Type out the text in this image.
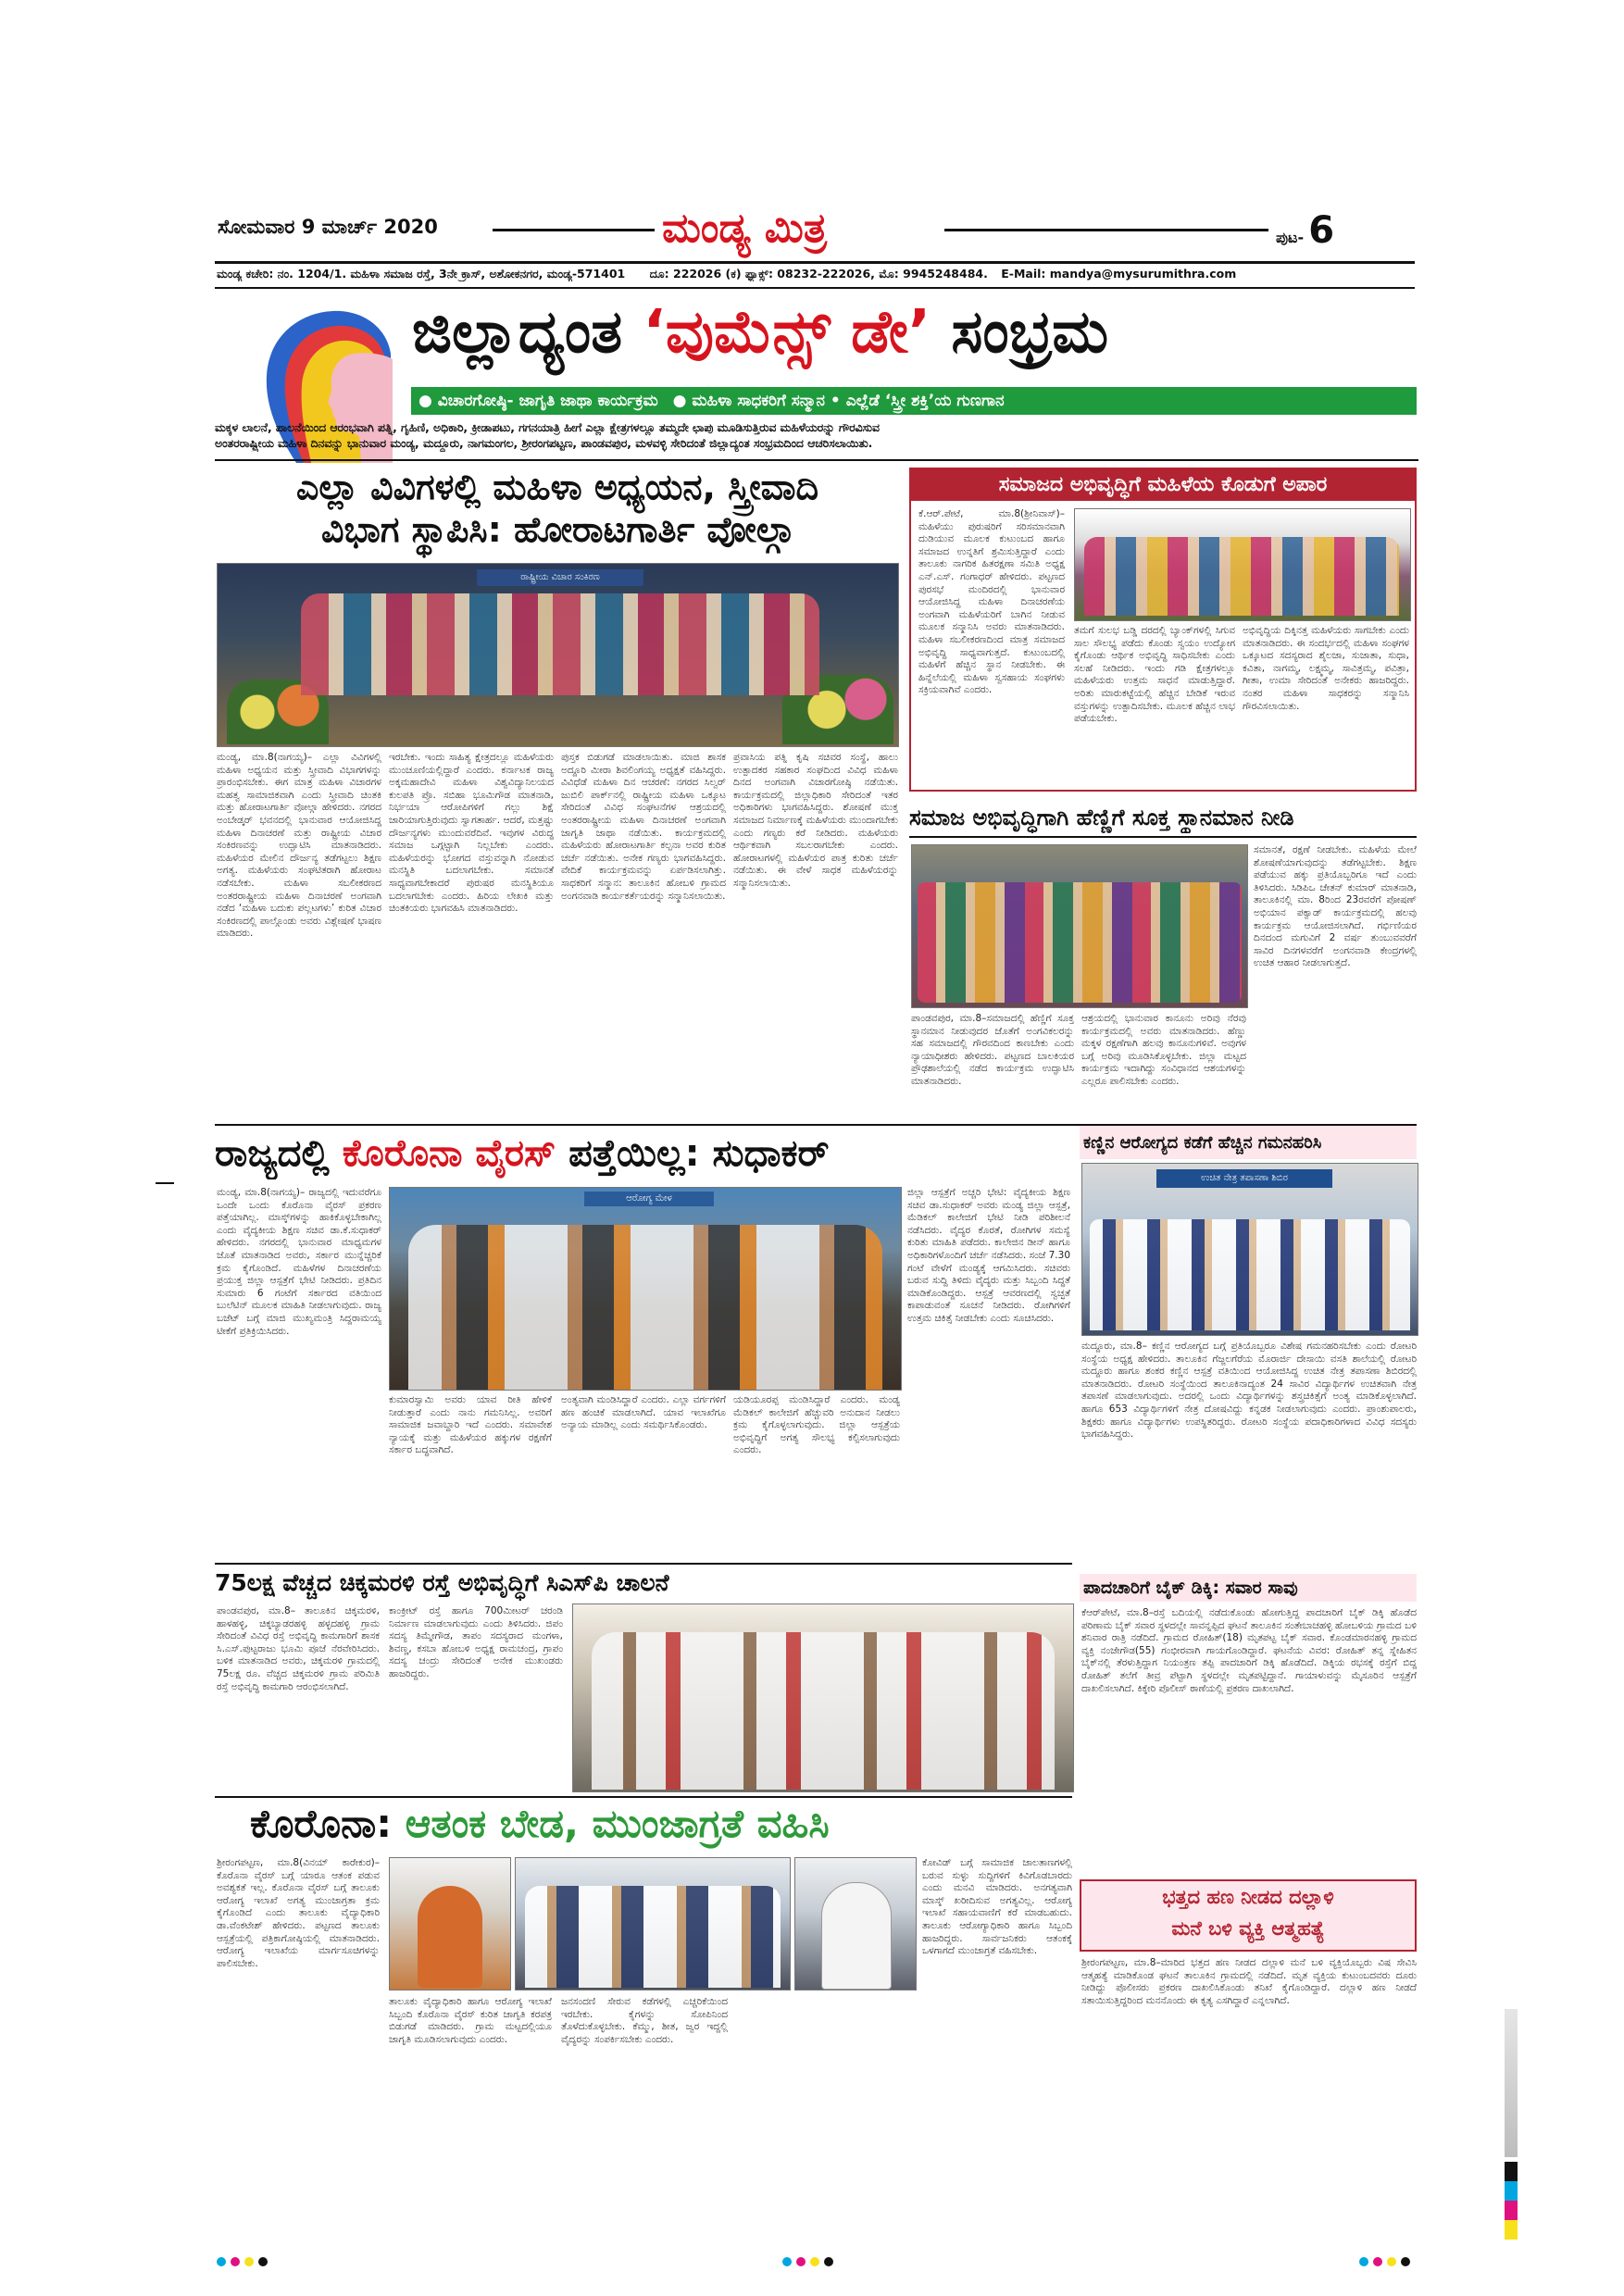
ಸೋಮವಾರ 9 ಮಾರ್ಚ್ 2020	ಮಂಡ್ಯ ಮಿತ್ರ	ಪುಟ- 6
ಮಂಡ್ಯ ಕಚೇರಿ: ನಂ. 1204/1. ಮಹಿಳಾ ಸಮಾಜ ರಸ್ತೆ, 3ನೇ ಕ್ರಾಸ್, ಅಶೋಕನಗರ, ಮಂಡ್ಯ-571401 ದೂ: 222026 (ಕ) ಫ್ಯಾಕ್ಸ್: 08232-222026, ಮೊ: 9945248484. E-Mail: mandya@mysurumithra.com
ಜಿಲ್ಲಾದ್ಯಂತ ‘ವುಮೆನ್ಸ್ ಡೇ’ ಸಂಭ್ರಮ
● ವಿಚಾರಗೋಷ್ಠಿ- ಜಾಗೃತಿ ಜಾಥಾ ಕಾರ್ಯಕ್ರಮ ● ಮಹಿಳಾ ಸಾಧಕರಿಗೆ ಸನ್ಮಾನ • ಎಲ್ಲೆಡೆ ‘ಸ್ತ್ರೀ ಶಕ್ತಿ’ಯ ಗುಣಗಾನ
ಮಕ್ಕಳ ಲಾಲನೆ, ಪಾಲನೆಯಿಂದ ಆರಂಭವಾಗಿ ಪತ್ನಿ, ಗೃಹಿಣಿ, ಅಧಿಕಾರಿ, ಕ್ರೀಡಾಪಟು, ಗಗನಯಾತ್ರಿ ಹೀಗೆ ಎಲ್ಲಾ ಕ್ಷೇತ್ರಗಳಲ್ಲೂ ತಮ್ಮದೇ ಛಾಪು ಮೂಡಿಸುತ್ತಿರುವ ಮಹಿಳೆಯರನ್ನು ಗೌರವಿಸುವ
ಅಂತರರಾಷ್ಟ್ರೀಯ ಮಹಿಳಾ ದಿನವನ್ನು ಭಾನುವಾರ ಮಂಡ್ಯ, ಮದ್ದೂರು, ನಾಗಮಂಗಲ, ಶ್ರೀರಂಗಪಟ್ಟಣ, ಪಾಂಡವಪುರ, ಮಳವಳ್ಳಿ ಸೇರಿದಂತೆ ಜಿಲ್ಲಾದ್ಯಂತ ಸಂಭ್ರಮದಿಂದ ಆಚರಿಸಲಾಯಿತು.
ಎಲ್ಲಾ ವಿವಿಗಳಲ್ಲಿ ಮಹಿಳಾ ಅಧ್ಯಯನ, ಸ್ತ್ರೀವಾದಿ
ವಿಭಾಗ ಸ್ಥಾಪಿಸಿ: ಹೋರಾಟಗಾರ್ತಿ ವೋಲ್ಗಾ
ರಾಷ್ಟ್ರೀಯ ವಿಚಾರ ಸಂಕಿರಣ
ಮಂಡ್ಯ, ಮಾ.8(ನಾಗಯ್ಯ)– ಎಲ್ಲಾ ವಿವಿಗಳಲ್ಲಿ ಮಹಿಳಾ ಅಧ್ಯಯನ ಮತ್ತು ಸ್ತ್ರೀವಾದಿ ವಿಭಾಗಗಳನ್ನು ಪ್ರಾರಂಭಿಸಬೇಕು. ಈಗ ಮಾತ್ರ ಮಹಿಳಾ ವಿಚಾರಗಳ ಮಹತ್ವ ಸಾಮಾಜಿಕವಾಗಿ ಎಂದು ಸ್ತ್ರೀವಾದಿ ಚಿಂತಕಿ ಮತ್ತು ಹೋರಾಟಗಾರ್ತಿ ವೋಲ್ಗಾ ಹೇಳಿದರು. ನಗರದ ಅಂಬೇಡ್ಕರ್ ಭವನದಲ್ಲಿ ಭಾನುವಾರ ಆಯೋಜಿಸಿದ್ದ ಮಹಿಳಾ ದಿನಾಚರಣೆ ಮತ್ತು ರಾಷ್ಟ್ರೀಯ ವಿಚಾರ ಸಂಕಿರಣವನ್ನು ಉದ್ಘಾಟಿಸಿ ಮಾತನಾಡಿದರು. ಮಹಿಳೆಯರ ಮೇಲಿನ ದೌರ್ಜನ್ಯ ತಡೆಗಟ್ಟಲು ಶಿಕ್ಷಣ ಅಗತ್ಯ. ಮಹಿಳೆಯರು ಸಂಘಟಿತರಾಗಿ ಹೋರಾಟ ನಡೆಸಬೇಕು. ಮಹಿಳಾ ಸಬಲೀಕರಣದ ಅಂತರರಾಷ್ಟ್ರೀಯ ಮಹಿಳಾ ದಿನಾಚರಣೆ ಅಂಗವಾಗಿ ನಡೆದ ‘ಮಹಿಳಾ ಬದುಕು ಪಲ್ಲಟಗಳು’ ಕುರಿತ ವಿಚಾರ ಸಂಕಿರಣದಲ್ಲಿ ಪಾಲ್ಗೊಂಡು ಅವರು ವಿಶ್ಲೇಷಣೆ ಭಾಷಣ ಮಾಡಿದರು.
ಇರಬೇಕು. ಇಂದು ಸಾಹಿತ್ಯ ಕ್ಷೇತ್ರದಲ್ಲೂ ಮಹಿಳೆಯರು ಮುಂಚೂಣಿಯಲ್ಲಿದ್ದಾರೆ ಎಂದರು. ಕರ್ನಾಟಕ ರಾಜ್ಯ ಅಕ್ಕಮಹಾದೇವಿ ಮಹಿಳಾ ವಿಶ್ವವಿದ್ಯಾನಿಲಯದ ಕುಲಪತಿ ಪ್ರೊ. ಸಬಿಹಾ ಭೂಮಿಗೌಡ ಮಾತನಾಡಿ, ನಿರ್ಭಯಾ ಆರೋಪಿಗಳಿಗೆ ಗಲ್ಲು ಶಿಕ್ಷೆ ಜಾರಿಯಾಗುತ್ತಿರುವುದು ಸ್ವಾಗತಾರ್ಹ. ಆದರೆ, ಮತ್ತಷ್ಟು ದೌರ್ಜನ್ಯಗಳು ಮುಂದುವರೆದಿವೆ. ಇವುಗಳ ವಿರುದ್ಧ ಸಮಾಜ ಒಗ್ಗಟ್ಟಾಗಿ ನಿಲ್ಲಬೇಕು ಎಂದರು. ಮಹಿಳೆಯರನ್ನು ಭೋಗದ ವಸ್ತುವನ್ನಾಗಿ ನೋಡುವ ಮನಸ್ಥಿತಿ ಬದಲಾಗಬೇಕು. ಸಮಾನತೆ ಸಾಧ್ಯವಾಗಬೇಕಾದರೆ ಪುರುಷರ ಮನಸ್ಥಿತಿಯೂ ಬದಲಾಗಬೇಕು ಎಂದರು. ಹಿರಿಯ ಲೇಖಕಿ ಮತ್ತು ಚಿಂತಕಿಯರು ಭಾಗವಹಿಸಿ ಮಾತನಾಡಿದರು.
ಪುಸ್ತಕ ಬಿಡುಗಡೆ ಮಾಡಲಾಯಿತು. ಮಾಜಿ ಶಾಸಕ ಅದ್ದೂರಿ ಮೀರಾ ಶಿವಲಿಂಗಯ್ಯ ಅಧ್ಯಕ್ಷತೆ ವಹಿಸಿದ್ದರು. ವಿವಿಧೆಡೆ ಮಹಿಳಾ ದಿನ ಆಚರಣೆ: ನಗರದ ಸಿಲ್ವರ್ ಜುಬಿಲಿ ಪಾರ್ಕ್‌ನಲ್ಲಿ ರಾಷ್ಟ್ರೀಯ ಮಹಿಳಾ ಒಕ್ಕೂಟ ಸೇರಿದಂತೆ ವಿವಿಧ ಸಂಘಟನೆಗಳ ಆಶ್ರಯದಲ್ಲಿ ಅಂತರರಾಷ್ಟ್ರೀಯ ಮಹಿಳಾ ದಿನಾಚರಣೆ ಅಂಗವಾಗಿ ಜಾಗೃತಿ ಜಾಥಾ ನಡೆಯಿತು. ಕಾರ್ಯಕ್ರಮದಲ್ಲಿ ಮಹಿಳೆಯರು ಹೋರಾಟಗಾರ್ತಿ ಕಲ್ಪನಾ ಅವರ ಕುರಿತ ಚರ್ಚೆ ನಡೆಯಿತು. ಅನೇಕ ಗಣ್ಯರು ಭಾಗವಹಿಸಿದ್ದರು. ವೇದಿಕೆ ಕಾರ್ಯಕ್ರಮವನ್ನು ಏರ್ಪಡಿಸಲಾಗಿತ್ತು. ಸಾಧಕರಿಗೆ ಸನ್ಮಾನ: ತಾಲೂಕಿನ ಹೋಬಳಿ ಗ್ರಾಮದ ಅಂಗನವಾಡಿ ಕಾರ್ಯಕರ್ತೆಯರನ್ನು ಸನ್ಮಾನಿಸಲಾಯಿತು.
ಪ್ರವಾಸಿಯ ಪತ್ನಿ ಕೃಷಿ ಸಚಿವರ ಸಂಸ್ಥೆ, ಹಾಲು ಉತ್ಪಾದಕರ ಸಹಕಾರ ಸಂಘದಿಂದ ವಿವಿಧ ಮಹಿಳಾ ದಿನದ ಅಂಗವಾಗಿ ವಿಚಾರಗೋಷ್ಠಿ ನಡೆಯಿತು. ಕಾರ್ಯಕ್ರಮದಲ್ಲಿ ಜಿಲ್ಲಾಧಿಕಾರಿ ಸೇರಿದಂತೆ ಇತರ ಅಧಿಕಾರಿಗಳು ಭಾಗವಹಿಸಿದ್ದರು. ಶೋಷಣೆ ಮುಕ್ತ ಸಮಾಜದ ನಿರ್ಮಾಣಕ್ಕೆ ಮಹಿಳೆಯರು ಮುಂದಾಗಬೇಕು ಎಂದು ಗಣ್ಯರು ಕರೆ ನೀಡಿದರು. ಮಹಿಳೆಯರು ಆರ್ಥಿಕವಾಗಿ ಸಬಲರಾಗಬೇಕು ಎಂದರು. ಹೋರಾಟಗಳಲ್ಲಿ ಮಹಿಳೆಯರ ಪಾತ್ರ ಕುರಿತು ಚರ್ಚೆ ನಡೆಯಿತು. ಈ ವೇಳೆ ಸಾಧಕ ಮಹಿಳೆಯರನ್ನು ಸನ್ಮಾನಿಸಲಾಯಿತು.
ಸಮಾಜದ ಅಭಿವೃದ್ಧಿಗೆ ಮಹಿಳೆಯ ಕೊಡುಗೆ ಅಪಾರ
ಕೆ.ಆರ್.ಪೇಟೆ, ಮಾ.8(ಶ್ರೀನಿವಾಸ್)– ಮಹಿಳೆಯು ಪುರುಷರಿಗೆ ಸರಿಸಮಾನವಾಗಿ ದುಡಿಯುವ ಮೂಲಕ ಕುಟುಂಬದ ಹಾಗೂ ಸಮಾಜದ ಉನ್ನತಿಗೆ ಶ್ರಮಿಸುತ್ತಿದ್ದಾರೆ ಎಂದು ತಾಲೂಕು ನಾಗರಿಕ ಹಿತರಕ್ಷಣಾ ಸಮಿತಿ ಅಧ್ಯಕ್ಷ ಎನ್.ಎಸ್. ಗಂಗಾಧರ್ ಹೇಳಿದರು. ಪಟ್ಟಣದ ಪುರಸಭೆ ಮಂದಿರದಲ್ಲಿ ಭಾನುವಾರ ಆಯೋಜಿಸಿದ್ದ ಮಹಿಳಾ ದಿನಾಚರಣೆಯ ಅಂಗವಾಗಿ ಮಹಿಳೆಯರಿಗೆ ಬಾಗಿನ ನೀಡುವ ಮೂಲಕ ಸನ್ಮಾನಿಸಿ ಅವರು ಮಾತನಾಡಿದರು. ಮಹಿಳಾ ಸಬಲೀಕರಣದಿಂದ ಮಾತ್ರ ಸಮಾಜದ ಅಭಿವೃದ್ಧಿ ಸಾಧ್ಯವಾಗುತ್ತದೆ. ಕುಟುಂಬದಲ್ಲಿ ಮಹಿಳೆಗೆ ಹೆಚ್ಚಿನ ಸ್ಥಾನ ನೀಡಬೇಕು. ಈ ಹಿನ್ನೆಲೆಯಲ್ಲಿ ಮಹಿಳಾ ಸ್ವಸಹಾಯ ಸಂಘಗಳು ಸಕ್ರಿಯವಾಗಿವೆ ಎಂದರು.
ತಮಗೆ ಸುಲಭ ಬಡ್ಡಿ ದರದಲ್ಲಿ ಬ್ಯಾಂಕ್‌ಗಳಲ್ಲಿ ಸಿಗುವ ಸಾಲ ಸೌಲಭ್ಯ ಪಡೆದು ಕೊಂಡು ಸ್ವಯಂ ಉದ್ಯೋಗ ಕೈಗೊಂಡು ಆರ್ಥಿಕ ಅಭಿವೃದ್ಧಿ ಸಾಧಿಸಬೇಕು ಎಂದು ಸಲಹೆ ನೀಡಿದರು. ಇಂದು ಗಡಿ ಕ್ಷೇತ್ರಗಳಲ್ಲೂ ಮಹಿಳೆಯರು ಉತ್ತಮ ಸಾಧನೆ ಮಾಡುತ್ತಿದ್ದಾರೆ. ಅರಿತು ಮಾರುಕಟ್ಟೆಯಲ್ಲಿ ಹೆಚ್ಚಿನ ಬೇಡಿಕೆ ಇರುವ ವಸ್ತುಗಳನ್ನು ಉತ್ಪಾದಿಸಬೇಕು. ಮೂಲಕ ಹೆಚ್ಚಿನ ಲಾಭ ಪಡೆಯಬೇಕು.
ಅಭಿವೃದ್ಧಿಯ ದಿಕ್ಕಿನತ್ತ ಮಹಿಳೆಯರು ಸಾಗಬೇಕು ಎಂದು ಮಾತನಾಡಿದರು. ಈ ಸಂದರ್ಭದಲ್ಲಿ ಮಹಿಳಾ ಸಂಘಗಳ ಒಕ್ಕೂಟದ ಸದಸ್ಯರಾದ ಶೈಲಜಾ, ಸುಜಾತಾ, ಸುಧಾ, ಕವಿತಾ, ನಾಗಮ್ಮ, ಲಕ್ಷ್ಮಮ್ಮ, ಸಾವಿತ್ರಮ್ಮ, ಪವಿತ್ರಾ, ಗೀತಾ, ಉಮಾ ಸೇರಿದಂತೆ ಅನೇಕರು ಹಾಜರಿದ್ದರು. ನಂತರ ಮಹಿಳಾ ಸಾಧಕರನ್ನು ಸನ್ಮಾನಿಸಿ ಗೌರವಿಸಲಾಯಿತು.
ಸಮಾಜ ಅಭಿವೃದ್ಧಿಗಾಗಿ ಹೆಣ್ಣಿಗೆ ಸೂಕ್ತ ಸ್ಥಾನಮಾನ ನೀಡಿ
ಸಮಾನತೆ, ರಕ್ಷಣೆ ನೀಡಬೇಕು. ಮಹಿಳೆಯ ಮೇಲೆ ಶೋಷಣೆಯಾಗುವುದನ್ನು ತಡೆಗಟ್ಟಬೇಕು. ಶಿಕ್ಷಣ ಪಡೆಯುವ ಹಕ್ಕು ಪ್ರತಿಯೊಬ್ಬರಿಗೂ ಇದೆ ಎಂದು ತಿಳಿಸಿದರು. ಸಿಡಿಪಿಒ ಚೇತನ್ ಕುಮಾರ್ ಮಾತನಾಡಿ, ತಾಲೂಕಿನಲ್ಲಿ ಮಾ. 8ರಿಂದ 23ರವರೆಗೆ ಪೋಷಣ್ ಅಭಿಯಾನ ಪಕ್ವಾಡ್ ಕಾರ್ಯಕ್ರಮದಲ್ಲಿ ಹಲವು ಕಾರ್ಯಕ್ರಮ ಆಯೋಜಿಸಲಾಗಿದೆ. ಗರ್ಭಿಣಿಯರ ದಿನದಂದ ಮಗುವಿಗೆ 2 ವರ್ಷ ತುಂಬುವವರೆಗೆ ಸಾವಿರ ದಿನಗಳವರೆಗೆ ಅಂಗನವಾಡಿ ಕೇಂದ್ರಗಳಲ್ಲಿ ಉಚಿತ ಆಹಾರ ನೀಡಲಾಗುತ್ತದೆ.
ಪಾಂಡವಪುರ, ಮಾ.8–ಸಮಾಜದಲ್ಲಿ ಹೆಣ್ಣಿಗೆ ಸೂಕ್ತ ಸ್ಥಾನಮಾನ ನೀಡುವುದರ ಜೊತೆಗೆ ಅಂಗವಿಕಲರನ್ನು ಸಹ ಸಮಾಜದಲ್ಲಿ ಗೌರವದಿಂದ ಕಾಣಬೇಕು ಎಂದು ನ್ಯಾಯಾಧೀಶರು ಹೇಳಿದರು. ಪಟ್ಟಣದ ಬಾಲಕಿಯರ ಪ್ರೌಢಶಾಲೆಯಲ್ಲಿ ನಡೆದ ಕಾರ್ಯಕ್ರಮ ಉದ್ಘಾಟಿಸಿ ಮಾತನಾಡಿದರು.
ಆಶ್ರಯದಲ್ಲಿ ಭಾನುವಾರ ಕಾನೂನು ಅರಿವು ನೆರವು ಕಾರ್ಯಕ್ರಮದಲ್ಲಿ ಅವರು ಮಾತನಾಡಿದರು. ಹೆಣ್ಣು ಮಕ್ಕಳ ರಕ್ಷಣೆಗಾಗಿ ಹಲವು ಕಾನೂನುಗಳಿವೆ. ಅವುಗಳ ಬಗ್ಗೆ ಅರಿವು ಮೂಡಿಸಿಕೊಳ್ಳಬೇಕು. ಜಿಲ್ಲಾ ಮಟ್ಟದ ಕಾರ್ಯಕ್ರಮ ಇದಾಗಿದ್ದು ಸಂವಿಧಾನದ ಆಶಯಗಳನ್ನು ಎಲ್ಲರೂ ಪಾಲಿಸಬೇಕು ಎಂದರು.
ರಾಜ್ಯದಲ್ಲಿ ಕೊರೊನಾ ವೈರಸ್ ಪತ್ತೆಯಿಲ್ಲ: ಸುಧಾಕರ್
ಮಂಡ್ಯ, ಮಾ.8(ನಾಗಯ್ಯ)– ರಾಜ್ಯದಲ್ಲಿ ಇದುವರೆಗೂ ಒಂದೇ ಒಂದು ಕೊರೊನಾ ವೈರಸ್ ಪ್ರಕರಣ ಪತ್ತೆಯಾಗಿಲ್ಲ. ಮಾಸ್ಕ್‌ಗಳನ್ನು ಹಾಕಿಕೊಳ್ಳಬೇಕಾಗಿಲ್ಲ ಎಂದು ವೈದ್ಯಕೀಯ ಶಿಕ್ಷಣ ಸಚಿವ ಡಾ.ಕೆ.ಸುಧಾಕರ್ ಹೇಳಿದರು. ನಗರದಲ್ಲಿ ಭಾನುವಾರ ಮಾಧ್ಯಮಗಳ ಜೊತೆ ಮಾತನಾಡಿದ ಅವರು, ಸರ್ಕಾರ ಮುನ್ನೆಚ್ಚರಿಕೆ ಕ್ರಮ ಕೈಗೊಂಡಿದೆ. ಮಹಿಳೆಗಳ ದಿನಾಚರಣೆಯ ಪ್ರಯುಕ್ತ ಜಿಲ್ಲಾ ಆಸ್ಪತ್ರೆಗೆ ಭೇಟಿ ನೀಡಿದರು. ಪ್ರತಿದಿನ ಸುಮಾರು 6 ಗಂಟೆಗೆ ಸರ್ಕಾರದ ವತಿಯಿಂದ ಬುಲೆಟಿನ್ ಮೂಲಕ ಮಾಹಿತಿ ನೀಡಲಾಗುವುದು. ರಾಜ್ಯ ಬಜೆಟ್ ಬಗ್ಗೆ ಮಾಜಿ ಮುಖ್ಯಮಂತ್ರಿ ಸಿದ್ದರಾಮಯ್ಯ ಟೀಕೆಗೆ ಪ್ರತಿಕ್ರಿಯಿಸಿದರು.
ಆರೋಗ್ಯ ಮೇಳ
ಜಿಲ್ಲಾ ಆಸ್ಪತ್ರೆಗೆ ಅಚ್ಚರಿ ಭೇಟಿ: ವೈದ್ಯಕೀಯ ಶಿಕ್ಷಣ ಸಚಿವ ಡಾ.ಸುಧಾಕರ್ ಅವರು ಮಂಡ್ಯ ಜಿಲ್ಲಾ ಆಸ್ಪತ್ರೆ, ಮೆಡಿಕಲ್ ಕಾಲೇಜಿಗೆ ಭೇಟಿ ನೀಡಿ ಪರಿಶೀಲನೆ ನಡೆಸಿದರು. ವೈದ್ಯರ ಕೊರತೆ, ರೋಗಿಗಳ ಸಮಸ್ಯೆ ಕುರಿತು ಮಾಹಿತಿ ಪಡೆದರು. ಕಾಲೇಜಿನ ಡೀನ್ ಹಾಗೂ ಅಧಿಕಾರಿಗಳೊಂದಿಗೆ ಚರ್ಚೆ ನಡೆಸಿದರು. ಸಂಜೆ 7.30 ಗಂಟೆ ವೇಳೆಗೆ ಮಂಡ್ಯಕ್ಕೆ ಆಗಮಿಸಿದರು. ಸಚಿವರು ಬರುವ ಸುದ್ದಿ ತಿಳಿದು ವೈದ್ಯರು ಮತ್ತು ಸಿಬ್ಬಂದಿ ಸಿದ್ಧತೆ ಮಾಡಿಕೊಂಡಿದ್ದರು. ಆಸ್ಪತ್ರೆ ಆವರಣದಲ್ಲಿ ಸ್ವಚ್ಛತೆ ಕಾಪಾಡುವಂತೆ ಸೂಚನೆ ನೀಡಿದರು. ರೋಗಿಗಳಿಗೆ ಉತ್ತಮ ಚಿಕಿತ್ಸೆ ನೀಡಬೇಕು ಎಂದು ಸೂಚಿಸಿದರು.
ಕುಮಾರಸ್ವಾಮಿ ಅವರು ಯಾವ ರೀತಿ ಹೇಳಿಕೆ ನೀಡುತ್ತಾರೆ ಎಂದು ನಾನು ಗಮನಿಸಿಲ್ಲ. ಅವರಿಗೆ ಸಾಮಾಜಿಕ ಜವಾಬ್ದಾರಿ ಇದೆ ಎಂದರು. ಸಮಾವೇಶ ನ್ಯಾಯಕ್ಕೆ ಮತ್ತು ಮಹಿಳೆಯರ ಹಕ್ಕುಗಳ ರಕ್ಷಣೆಗೆ ಸರ್ಕಾರ ಬದ್ಧವಾಗಿದೆ.
ಅಂತ್ಯವಾಗಿ ಮಂಡಿಸಿದ್ದಾರೆ ಎಂದರು. ಎಲ್ಲಾ ವರ್ಗಗಳಿಗೆ ಹಣ ಹಂಚಿಕೆ ಮಾಡಲಾಗಿದೆ. ಯಾವ ಇಲಾಖೆಗೂ ಅನ್ಯಾಯ ಮಾಡಿಲ್ಲ ಎಂದು ಸಮರ್ಥಿಸಿಕೊಂಡರು.
ಯಡಿಯೂರಪ್ಪ ಮಂಡಿಸಿದ್ದಾರೆ ಎಂದರು. ಮಂಡ್ಯ ಮೆಡಿಕಲ್ ಕಾಲೇಜಿಗೆ ಹೆಚ್ಚುವರಿ ಅನುದಾನ ನೀಡಲು ಕ್ರಮ ಕೈಗೊಳ್ಳಲಾಗುವುದು. ಜಿಲ್ಲಾ ಆಸ್ಪತ್ರೆಯ ಅಭಿವೃದ್ಧಿಗೆ ಅಗತ್ಯ ಸೌಲಭ್ಯ ಕಲ್ಪಿಸಲಾಗುವುದು ಎಂದರು.
ಕಣ್ಣಿನ ಆರೋಗ್ಯದ ಕಡೆಗೆ ಹೆಚ್ಚಿನ ಗಮನಹರಿಸಿ
ಉಚಿತ ನೇತ್ರ ತಪಾಸಣಾ ಶಿಬಿರ
ಮದ್ದೂರು, ಮಾ.8– ಕಣ್ಣಿನ ಆರೋಗ್ಯದ ಬಗ್ಗೆ ಪ್ರತಿಯೊಬ್ಬರೂ ವಿಶೇಷ ಗಮನಹರಿಸಬೇಕು ಎಂದು ರೋಟರಿ ಸಂಸ್ಥೆಯ ಅಧ್ಯಕ್ಷ ಹೇಳಿದರು. ತಾಲೂಕಿನ ಗೆಜ್ಜಲಗೆರೆಯ ಮೊರಾರ್ಜಿ ದೇಸಾಯಿ ವಸತಿ ಶಾಲೆಯಲ್ಲಿ ರೋಟರಿ ಮದ್ದೂರು ಹಾಗೂ ಶಂಕರ ಕಣ್ಣಿನ ಆಸ್ಪತ್ರೆ ವತಿಯಿಂದ ಆಯೋಜಿಸಿದ್ದ ಉಚಿತ ನೇತ್ರ ತಪಾಸಣಾ ಶಿಬಿರದಲ್ಲಿ ಮಾತನಾಡಿದರು. ರೋಟರಿ ಸಂಸ್ಥೆಯಿಂದ ತಾಲೂಕಿನಾದ್ಯಂತ 24 ಸಾವಿರ ವಿದ್ಯಾರ್ಥಿಗಳ ಉಚಿತವಾಗಿ ನೇತ್ರ ತಪಾಸಣೆ ಮಾಡಲಾಗುವುದು. ಅದರಲ್ಲಿ ಒಂದು ವಿದ್ಯಾರ್ಥಿಗಳನ್ನು ಶಸ್ತ್ರಚಿಕಿತ್ಸೆಗೆ ಅಂತ್ಯ ಮಾಡಿಕೊಳ್ಳಲಾಗಿದೆ. ಹಾಗೂ 653 ವಿದ್ಯಾರ್ಥಿಗಳಿಗೆ ನೇತ್ರ ದೋಷವಿದ್ದು ಕನ್ನಡಕ ನೀಡಲಾಗುವುದು ಎಂದರು. ಪ್ರಾಂಶುಪಾಲರು, ಶಿಕ್ಷಕರು ಹಾಗೂ ವಿದ್ಯಾರ್ಥಿಗಳು ಉಪಸ್ಥಿತರಿದ್ದರು. ರೋಟರಿ ಸಂಸ್ಥೆಯ ಪದಾಧಿಕಾರಿಗಳಾದ ವಿವಿಧ ಸದಸ್ಯರು ಭಾಗವಹಿಸಿದ್ದರು.
75ಲಕ್ಷ ವೆಚ್ಚದ ಚಿಕ್ಕಮರಳಿ ರಸ್ತೆ ಅಭಿವೃದ್ಧಿಗೆ ಸಿಎಸ್‌ಪಿ ಚಾಲನೆ
ಪಾಂಡವಪುರ, ಮಾ.8– ತಾಲೂಕಿನ ಚಿಕ್ಕಮರಳಿ, ಹಾಳಹಳ್ಳಿ, ಚಿಕ್ಕಬ್ಯಾಡರಹಳ್ಳಿ ಹಳ್ಳದಹಳ್ಳಿ ಗ್ರಾಮ ಸೇರಿದಂತೆ ವಿವಿಧ ರಸ್ತೆ ಅಭಿವೃದ್ಧಿ ಕಾಮಗಾರಿಗೆ ಶಾಸಕ ಸಿ.ಎಸ್.ಪುಟ್ಟರಾಜು ಭೂಮಿ ಪೂಜೆ ನೆರವೇರಿಸಿದರು. ಬಳಿಕ ಮಾತನಾಡಿದ ಅವರು, ಚಿಕ್ಕಮರಳಿ ಗ್ರಾಮದಲ್ಲಿ 75ಲಕ್ಷ ರೂ. ವೆಚ್ಚದ ಚಿಕ್ಕಮರಳಿ ಗ್ರಾಮ ಪರಿಮಿತಿ ರಸ್ತೆ ಅಭಿವೃದ್ಧಿ ಕಾಮಗಾರಿ ಆರಂಭಿಸಲಾಗಿದೆ.
ಕಾಂಕ್ರೀಟ್ ರಸ್ತೆ ಹಾಗೂ 700ಮೀಟರ್ ಚರಂಡಿ ನಿರ್ಮಾಣ ಮಾಡಲಾಗುವುದು ಎಂದು ತಿಳಿಸಿದರು. ಜಿಪಂ ಸದಸ್ಯ ತಿಮ್ಮೇಗೌಡ, ತಾಪಂ ಸದಸ್ಯರಾದ ಮಂಗಳಾ, ಶಿವಣ್ಣ, ಕಸಬಾ ಹೋಬಳಿ ಅಧ್ಯಕ್ಷ ರಾಮಚಂದ್ರ, ಗ್ರಾಪಂ ಸದಸ್ಯ ಚಂದ್ರು ಸೇರಿದಂತೆ ಅನೇಕ ಮುಖಂಡರು ಹಾಜರಿದ್ದರು.
ಪಾದಚಾರಿಗೆ ಬೈಕ್ ಡಿಕ್ಕಿ: ಸವಾರ ಸಾವು
ಕೆಆರ್‌ಪೇಟೆ, ಮಾ.8–ರಸ್ತೆ ಬದಿಯಲ್ಲಿ ನಡೆದುಕೊಂಡು ಹೋಗುತ್ತಿದ್ದ ಪಾದಚಾರಿಗೆ ಬೈಕ್ ಡಿಕ್ಕಿ ಹೊಡೆದ ಪರಿಣಾಮ ಬೈಕ್ ಸವಾರ ಸ್ಥಳದಲ್ಲೇ ಸಾವನ್ನಪ್ಪಿದ ಘಟನೆ ತಾಲೂಕಿನ ಸಂತೇಬಾಚಹಳ್ಳಿ ಹೋಬಳಿಯ ಗ್ರಾಮದ ಬಳಿ ಶನಿವಾರ ರಾತ್ರಿ ನಡೆದಿದೆ. ಗ್ರಾಮದ ರೋಹಿತ್(18) ಮೃತಪಟ್ಟ ಬೈಕ್ ಸವಾರ. ಕೊಂಡಮಾರನಹಳ್ಳಿ ಗ್ರಾಮದ ವ್ಯಕ್ತಿ ನಂಜೇಗೌಡ(55) ಗಂಭೀರವಾಗಿ ಗಾಯಗೊಂಡಿದ್ದಾರೆ. ಘಟನೆಯ ವಿವರ: ರೋಹಿತ್ ತನ್ನ ಸ್ನೇಹಿತನ ಬೈಕ್‌ನಲ್ಲಿ ತೆರಳುತ್ತಿದ್ದಾಗ ನಿಯಂತ್ರಣ ತಪ್ಪಿ ಪಾದಚಾರಿಗೆ ಡಿಕ್ಕಿ ಹೊಡೆದಿದೆ. ಡಿಕ್ಕಿಯ ರಭಸಕ್ಕೆ ರಸ್ತೆಗೆ ಬಿದ್ದ ರೋಹಿತ್ ತಲೆಗೆ ತೀವ್ರ ಪೆಟ್ಟಾಗಿ ಸ್ಥಳದಲ್ಲೇ ಮೃತಪಟ್ಟಿದ್ದಾನೆ. ಗಾಯಾಳುವನ್ನು ಮೈಸೂರಿನ ಆಸ್ಪತ್ರೆಗೆ ದಾಖಲಿಸಲಾಗಿದೆ. ಕಿಕ್ಕೇರಿ ಪೊಲೀಸ್ ಠಾಣೆಯಲ್ಲಿ ಪ್ರಕರಣ ದಾಖಲಾಗಿದೆ.
ಕೊರೊನಾ: ಆತಂಕ ಬೇಡ, ಮುಂಜಾಗ್ರತೆ ವಹಿಸಿ
ಶ್ರೀರಂಗಪಟ್ಟಣ, ಮಾ.8(ವಿನಯ್ ಕಾರೇಕುರ)– ಕೊರೊನಾ ವೈರಸ್ ಬಗ್ಗೆ ಯಾರೂ ಆತಂಕ ಪಡುವ ಅವಶ್ಯಕತೆ ಇಲ್ಲ. ಕೊರೊನಾ ವೈರಸ್ ಬಗ್ಗೆ ತಾಲೂಕು ಆರೋಗ್ಯ ಇಲಾಖೆ ಅಗತ್ಯ ಮುಂಜಾಗ್ರತಾ ಕ್ರಮ ಕೈಗೊಂಡಿದೆ ಎಂದು ತಾಲೂಕು ವೈದ್ಯಾಧಿಕಾರಿ ಡಾ.ವೆಂಕಟೇಶ್ ಹೇಳಿದರು. ಪಟ್ಟಣದ ತಾಲೂಕು ಆಸ್ಪತ್ರೆಯಲ್ಲಿ ಪತ್ರಿಕಾಗೋಷ್ಠಿಯಲ್ಲಿ ಮಾತನಾಡಿದರು. ಆರೋಗ್ಯ ಇಲಾಖೆಯ ಮಾರ್ಗಸೂಚಿಗಳನ್ನು ಪಾಲಿಸಬೇಕು.
ತಾಲೂಕು ವೈದ್ಯಾಧಿಕಾರಿ ಹಾಗೂ ಆರೋಗ್ಯ ಇಲಾಖೆ ಸಿಬ್ಬಂದಿ ಕೊರೊನಾ ವೈರಸ್ ಕುರಿತ ಜಾಗೃತಿ ಕರಪತ್ರ ಬಿಡುಗಡೆ ಮಾಡಿದರು. ಗ್ರಾಮ ಮಟ್ಟದಲ್ಲಿಯೂ ಜಾಗೃತಿ ಮೂಡಿಸಲಾಗುವುದು ಎಂದರು.
ಜನಸಂದಣಿ ಸೇರುವ ಕಡೆಗಳಲ್ಲಿ ಎಚ್ಚರಿಕೆಯಿಂದ ಇರಬೇಕು. ಕೈಗಳನ್ನು ಸೋಪಿನಿಂದ ತೊಳೆದುಕೊಳ್ಳಬೇಕು. ಕೆಮ್ಮು, ಶೀತ, ಜ್ವರ ಇದ್ದಲ್ಲಿ ವೈದ್ಯರನ್ನು ಸಂಪರ್ಕಿಸಬೇಕು ಎಂದರು.
ಕೋವಿಡ್ ಬಗ್ಗೆ ಸಾಮಾಜಿಕ ಜಾಲತಾಣಗಳಲ್ಲಿ ಬರುವ ಸುಳ್ಳು ಸುದ್ದಿಗಳಿಗೆ ಕಿವಿಗೊಡಬಾರದು ಎಂದು ಮನವಿ ಮಾಡಿದರು. ಅನಗತ್ಯವಾಗಿ ಮಾಸ್ಕ್ ಖರೀದಿಸುವ ಅಗತ್ಯವಿಲ್ಲ. ಆರೋಗ್ಯ ಇಲಾಖೆ ಸಹಾಯವಾಣಿಗೆ ಕರೆ ಮಾಡಬಹುದು. ತಾಲೂಕು ಆರೋಗ್ಯಾಧಿಕಾರಿ ಹಾಗೂ ಸಿಬ್ಬಂದಿ ಹಾಜರಿದ್ದರು. ಸಾರ್ವಜನಿಕರು ಆತಂಕಕ್ಕೆ ಒಳಗಾಗದೆ ಮುಂಜಾಗ್ರತೆ ವಹಿಸಬೇಕು.
ಭತ್ತದ ಹಣ ನೀಡದ ದಲ್ಲಾಳಿ
ಮನೆ ಬಳಿ ವ್ಯಕ್ತಿ ಆತ್ಮಹತ್ಯೆ
ಶ್ರೀರಂಗಪಟ್ಟಣ, ಮಾ.8–ಮಾರಿದ ಭತ್ತದ ಹಣ ನೀಡದ ದಲ್ಲಾಳಿ ಮನೆ ಬಳಿ ವ್ಯಕ್ತಿಯೊಬ್ಬರು ವಿಷ ಸೇವಿಸಿ ಆತ್ಮಹತ್ಯೆ ಮಾಡಿಕೊಂಡ ಘಟನೆ ತಾಲೂಕಿನ ಗ್ರಾಮದಲ್ಲಿ ನಡೆದಿದೆ. ಮೃತ ವ್ಯಕ್ತಿಯ ಕುಟುಂಬದವರು ದೂರು ನೀಡಿದ್ದು ಪೊಲೀಸರು ಪ್ರಕರಣ ದಾಖಲಿಸಿಕೊಂಡು ತನಿಖೆ ಕೈಗೊಂಡಿದ್ದಾರೆ. ದಲ್ಲಾಳಿ ಹಣ ನೀಡದೆ ಸತಾಯಿಸುತ್ತಿದ್ದರಿಂದ ಮನನೊಂದು ಈ ಕೃತ್ಯ ಎಸಗಿದ್ದಾರೆ ಎನ್ನಲಾಗಿದೆ.
